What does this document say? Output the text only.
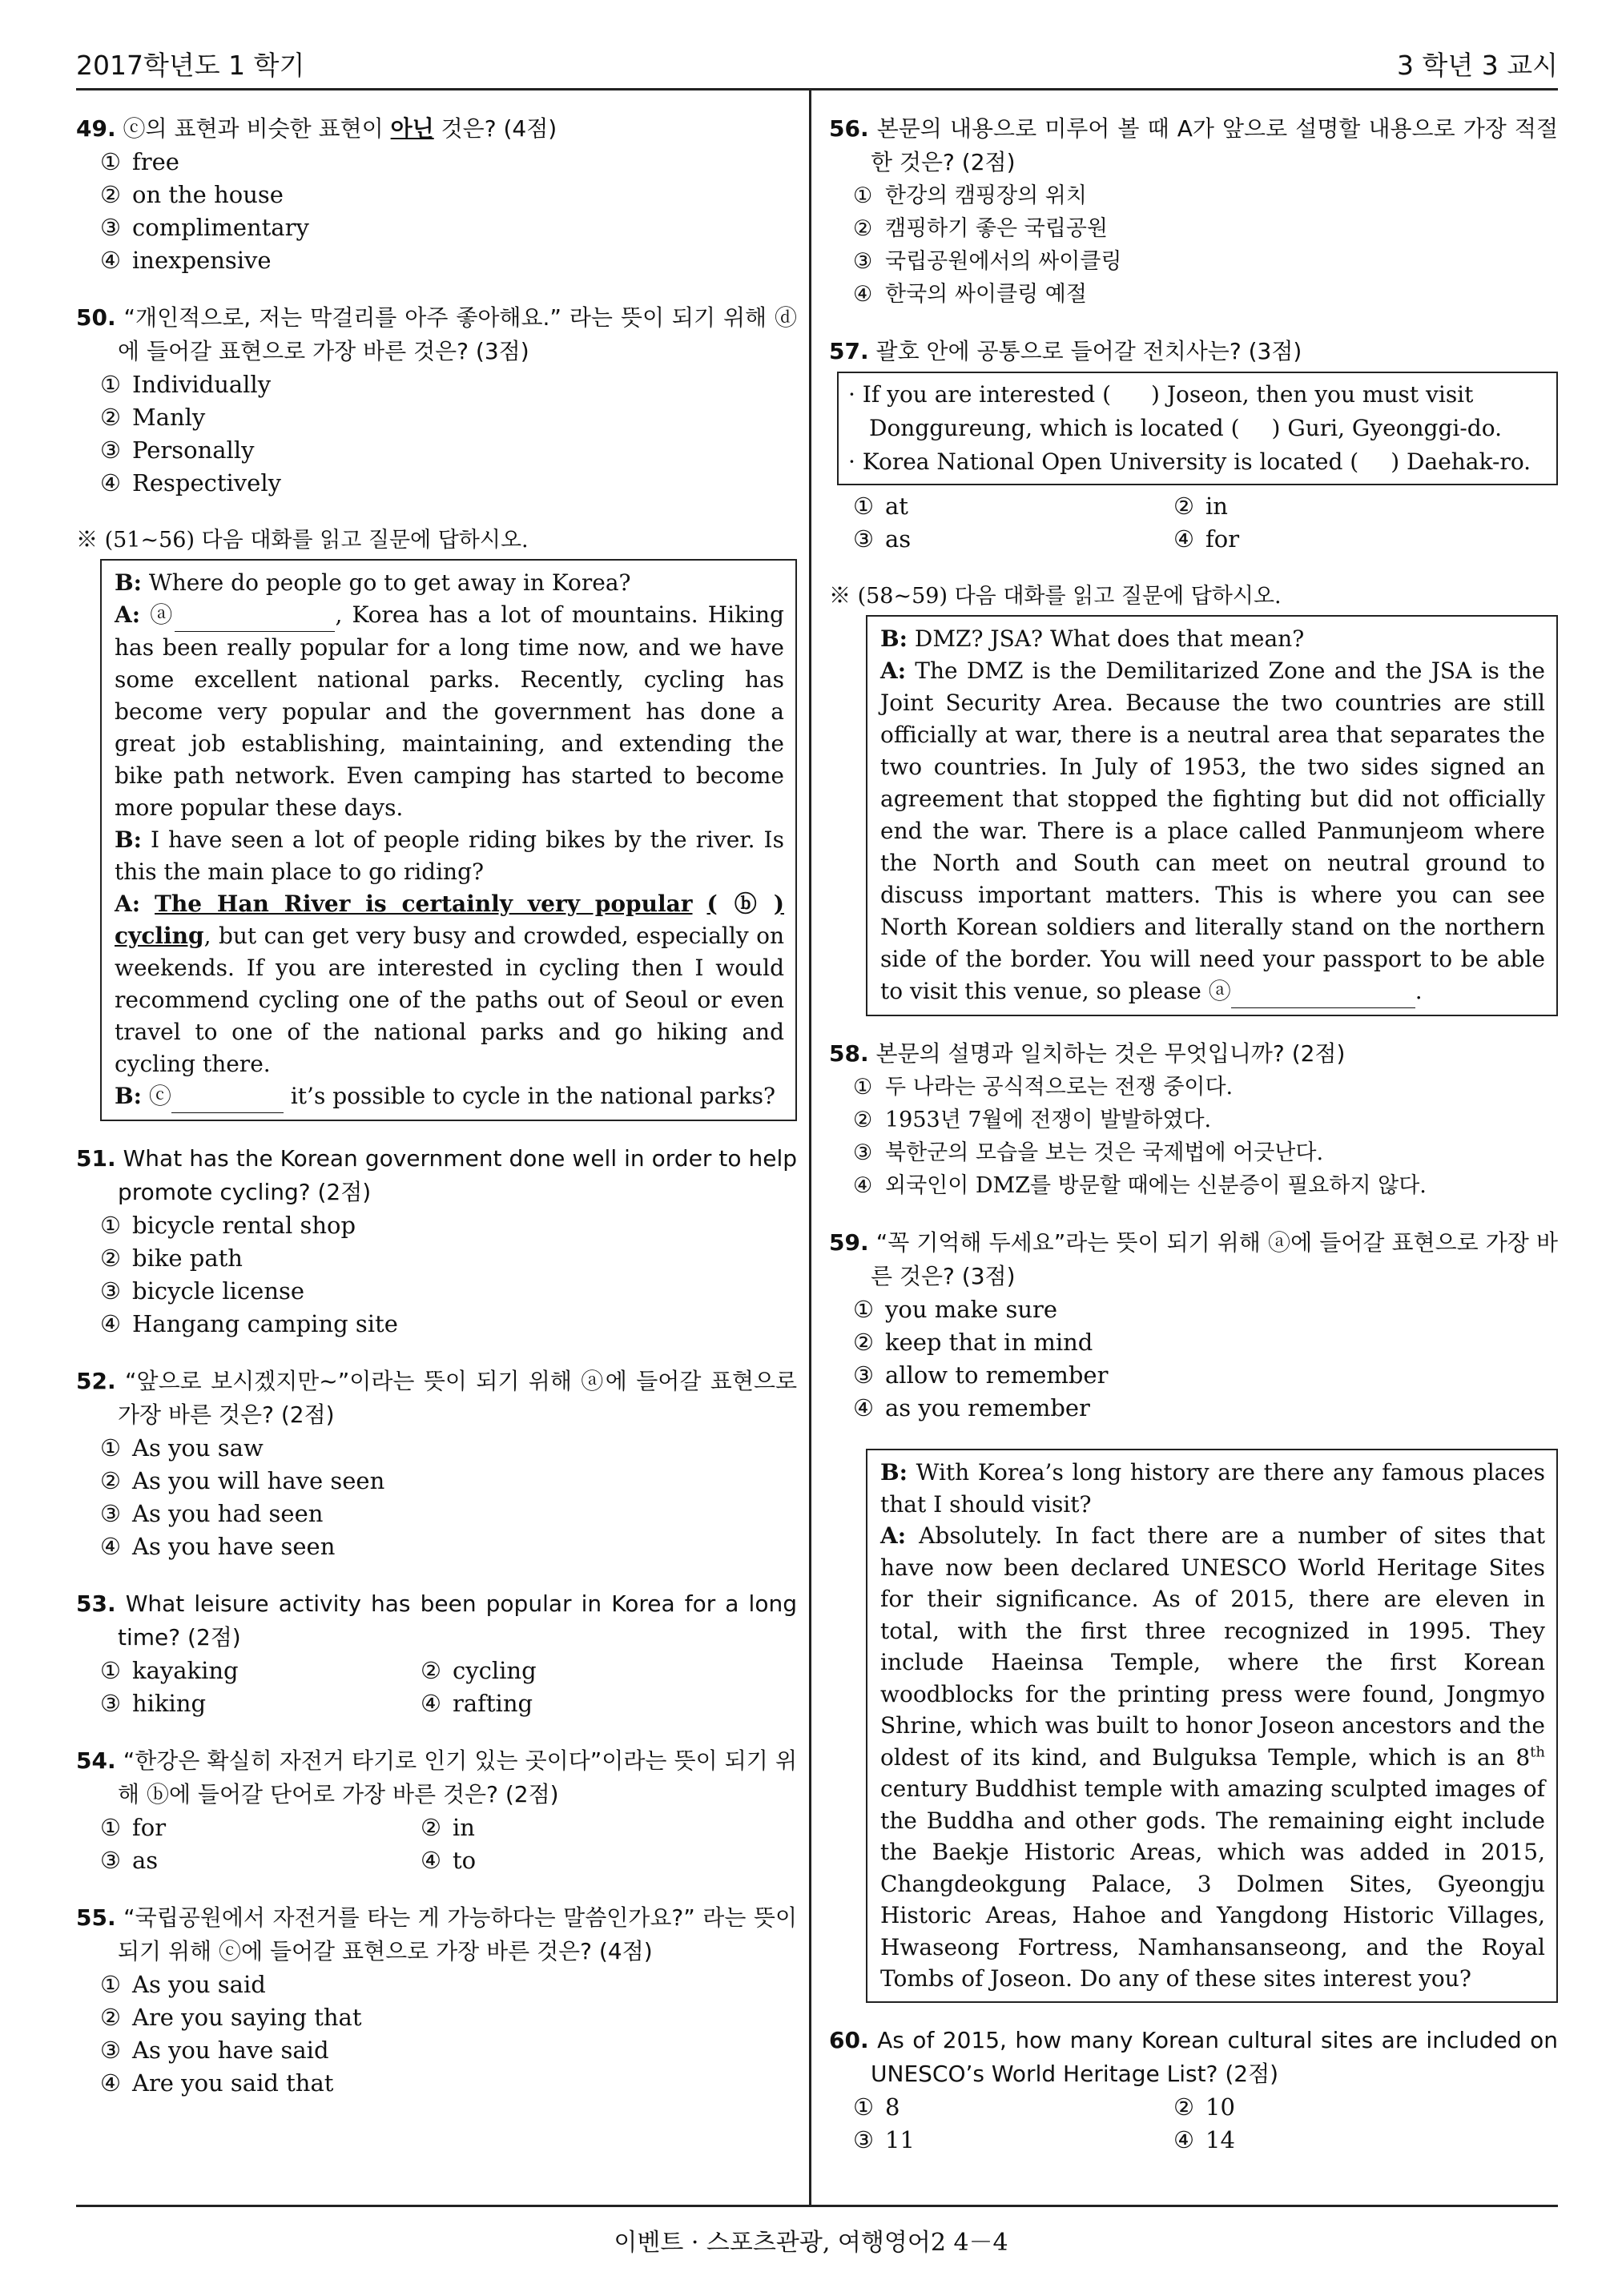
2017학년도 1 학기	3 학년 3 교시
49. ⓒ의 표현과 비슷한 표현이 아닌 것은? (4점)
① free
② on the house
③ complimentary
④ inexpensive
50. “개인적으로, 저는 막걸리를 아주 좋아해요.” 라는 뜻이 되기 위해 ⓓ에 들어갈 표현으로 가장 바른 것은? (3점)
① Individually
② Manly
③ Personally
④ Respectively
※ (51~56) 다음 대화를 읽고 질문에 답하시오.

B: Where do people go to get away in Korea?

A: ⓐ	, Korea has a lot of mountains. Hiking has been really popular for a long time now, and we have some excellent national parks. Recently, cycling has become very popular and the government has done a great job establishing, maintaining, and extending the bike path network. Even camping has started to become more popular these days.

B: I have seen a lot of people riding bikes by the river. Is this the main place to go riding?

A: The Han River is certainly very popular ( ⓑ ) cycling, but can get very busy and crowded, especially on weekends. If you are interested in cycling then I would recommend cycling one of the paths out of Seoul or even travel to one of the national parks and go hiking and cycling there.

B: ⓒ	it’s possible to cycle in the national parks?

51. What has the Korean government done well in order to help promote cycling? (2점)
① bicycle rental shop
② bike path
③ bicycle license
④ Hangang camping site
52. “앞으로 보시겠지만~”이라는 뜻이 되기 위해 ⓐ에 들어갈 표현으로 가장 바른 것은? (2점)
① As you saw
② As you will have seen
③ As you had seen
④ As you have seen
53. What leisure activity has been popular in Korea for a long time? (2점)
① kayaking	② cycling
③ hiking	④ rafting
54. “한강은 확실히 자전거 타기로 인기 있는 곳이다”이라는 뜻이 되기 위해 ⓑ에 들어갈 단어로 가장 바른 것은? (2점)
① for	② in
③ as	④ to
55. “국립공원에서 자전거를 타는 게 가능하다는 말씀인가요?” 라는 뜻이 되기 위해 ⓒ에 들어갈 표현으로 가장 바른 것은? (4점)
① As you said
② Are you saying that
③ As you have said
④ Are you said that
56. 본문의 내용으로 미루어 볼 때 A가 앞으로 설명할 내용으로 가장 적절한 것은? (2점)
① 한강의 캠핑장의 위치
② 캠핑하기 좋은 국립공원
③ 국립공원에서의 싸이클링
④ 한국의 싸이클링 예절
57. 괄호 안에 공통으로 들어갈 전치사는? (3점)
· If you are interested ( ) Joseon, then you must visit Donggureung, which is located ( ) Guri, Gyeonggi-do.
· Korea National Open University is located ( ) Daehak-ro.
① at	② in
③ as	④ for
※ (58~59) 다음 대화를 읽고 질문에 답하시오.

B: DMZ? JSA? What does that mean?

A: The DMZ is the Demilitarized Zone and the JSA is the Joint Security Area. Because the two countries are still officially at war, there is a neutral area that separates the two countries. In July of 1953, the two sides signed an agreement that stopped the fighting but did not officially end the war. There is a place called Panmunjeom where the North and South can meet on neutral ground to discuss important matters. This is where you can see North Korean soldiers and literally stand on the northern side of the border. You will need your passport to be able to visit this venue, so please ⓐ	.

58. 본문의 설명과 일치하는 것은 무엇입니까? (2점)
① 두 나라는 공식적으로는 전쟁 중이다.
② 1953년 7월에 전쟁이 발발하였다.
③ 북한군의 모습을 보는 것은 국제법에 어긋난다.
④ 외국인이 DMZ를 방문할 때에는 신분증이 필요하지 않다.
59. “꼭 기억해 두세요”라는 뜻이 되기 위해 ⓐ에 들어갈 표현으로 가장 바른 것은? (3점)
① you make sure
② keep that in mind
③ allow to remember
④ as you remember

B: With Korea’s long history are there any famous places that I should visit?

A: Absolutely. In fact there are a number of sites that have now been declared UNESCO World Heritage Sites for their significance. As of 2015, there are eleven in total, with the first three recognized in 1995. They include Haeinsa Temple, where the first Korean woodblocks for the printing press were found, Jongmyo Shrine, which was built to honor Joseon ancestors and the oldest of its kind, and Bulguksa Temple, which is an 8th century Buddhist temple with amazing sculpted images of the Buddha and other gods. The remaining eight include the Baekje Historic Areas, which was added in 2015, Changdeokgung Palace, 3 Dolmen Sites, Gyeongju Historic Areas, Hahoe and Yangdong Historic Villages, Hwaseong Fortress, Namhansanseong, and the Royal Tombs of Joseon. Do any of these sites interest you?

60. As of 2015, how many Korean cultural sites are included on UNESCO’s World Heritage List? (2점)
① 8	② 10
③ 11	④ 14
이벤트 · 스포츠관광, 여행영어2 4－4
